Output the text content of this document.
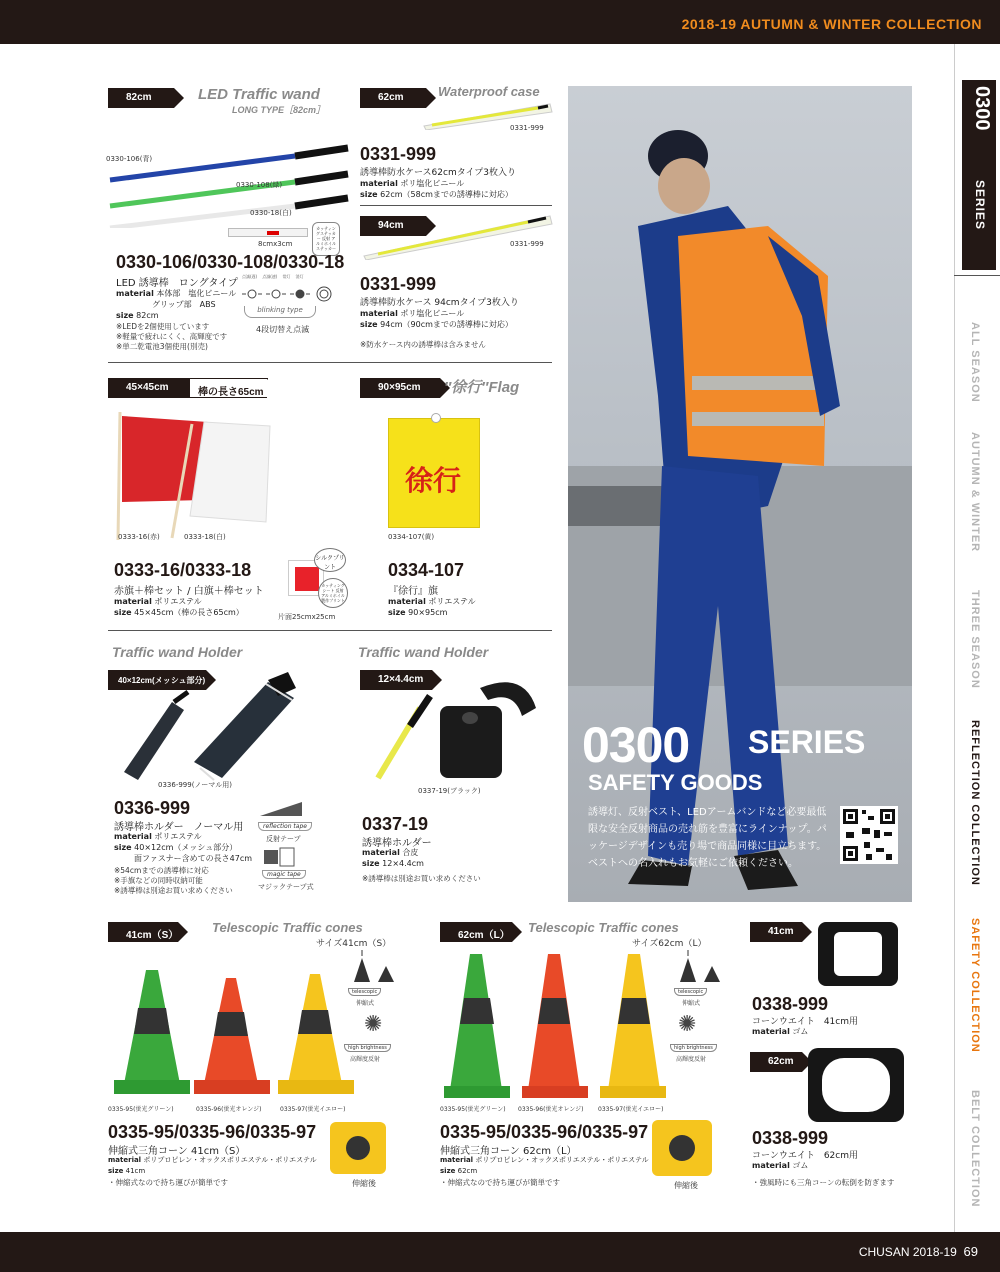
2018-19 AUTUMN & WINTER COLLECTION
CHUSAN 2018-19 69
0300
SERIES
ALL SEASON
AUTUMN & WINTER
THREE SEASON
REFLECTION COLLECTION
SAFETY COLLECTION
BELT COLLECTION
82cm	LED Traffic wand
LONG TYPE［82cm］
0330-106(青)
0330-108(緑)
0330-18(白)
8cmx3cm
カッティングステッカー 反射 アルミホイル ステッカー
0330-106/0330-108/0330-18
LED 誘導棒　ロングタイプ
material 本体部　塩化ビニール
グリップ部　ABS
size 82cm
点滅(遅) 点滅(速) 常灯 消灯
blinking type
4段切替え点滅
※LEDを2個使用しています
※軽量で疲れにくく、高輝度です
※単二乾電池3個使用(別売)
62cm	Waterproof case
0331-999
0331-999
誘導棒防水ケース62cmタイプ3枚入り
material ポリ塩化ビニール
size 62cm（58cmまでの誘導棒に対応）
94cm
0331-999
0331-999
誘導棒防水ケース 94cmタイプ3枚入り
material ポリ塩化ビニール
size 94cm（90cmまでの誘導棒に対応）
※防水ケース内の誘導棒は含みません
45×45cm	棒の長さ65cm
0333-16(赤)	0333-18(白)
0333-16/0333-18
赤旗＋棒セット / 白旗＋棒セット
material ポリエステル
size 45×45cm（棒の長さ65cm）
シルクプリント
カッティングシート 反射 アルミホイル 製作プリント
片面25cmx25cm
90×95cm	″徐行″Flag
徐行
0334-107(黄)
0334-107
『徐行』旗
material ポリエステル
size 90×95cm
Traffic wand Holder
40×12cm(メッシュ部分)
0336-999(ノーマル用)
0336-999
誘導棒ホルダー　ノーマル用
material ポリエステル
size 40×12cm（メッシュ部分）
面ファスナー含めての長さ47cm
※54cmまでの誘導棒に対応
※手旗などの同時収納可能
※誘導棒は別途お買い求めください
reflection tape
反射テープ
magic tape
マジックテープ式
Traffic wand Holder
12×4.4cm
0337-19(ブラック)
0337-19
誘導棒ホルダー
material 合皮
size 12×4.4cm
※誘導棒は別途お買い求めください
0300 SERIES
SAFETY GOODS
誘導灯、反射ベスト、LEDアームバンドなど必要最低限な安全反射商品の売れ筋を豊富にラインナップ。パッケージデザインも売り場で商品同様に目立ちます。ベストへの名入れもお気軽にご依頼ください。
41cm（S）
Telescopic Traffic cones
サイズ41cm（S）
0335-95(蛍光グリーン)	0335-96(蛍光オレンジ)	0335-97(蛍光イエロー)
telescopic
伸縮式
✺
high brightness
高輝度反射
0335-95/0335-96/0335-97
伸縮式三角コーン 41cm（S）
material ポリプロピレン・オックスポリエステル・ポリエステル
size 41cm
・伸縮式なので持ち運びが簡単です	伸縮後
62cm（L）
Telescopic Traffic cones
サイズ62cm（L）
0335-95(蛍光グリーン) 0335-96(蛍光オレンジ) 0335-97(蛍光イエロー)
telescopic
伸縮式
✺
high brightness
高輝度反射
0335-95/0335-96/0335-97
伸縮式三角コーン 62cm（L）
material ポリプロピレン・オックスポリエステル・ポリエステル
size 62cm
・伸縮式なので持ち運びが簡単です	伸縮後
41cm
0338-999
コーンウエイト　41cm用
material ゴム
62cm
0338-999
コーンウエイト　62cm用
material ゴム
・強風時にも三角コーンの転倒を防ぎます
